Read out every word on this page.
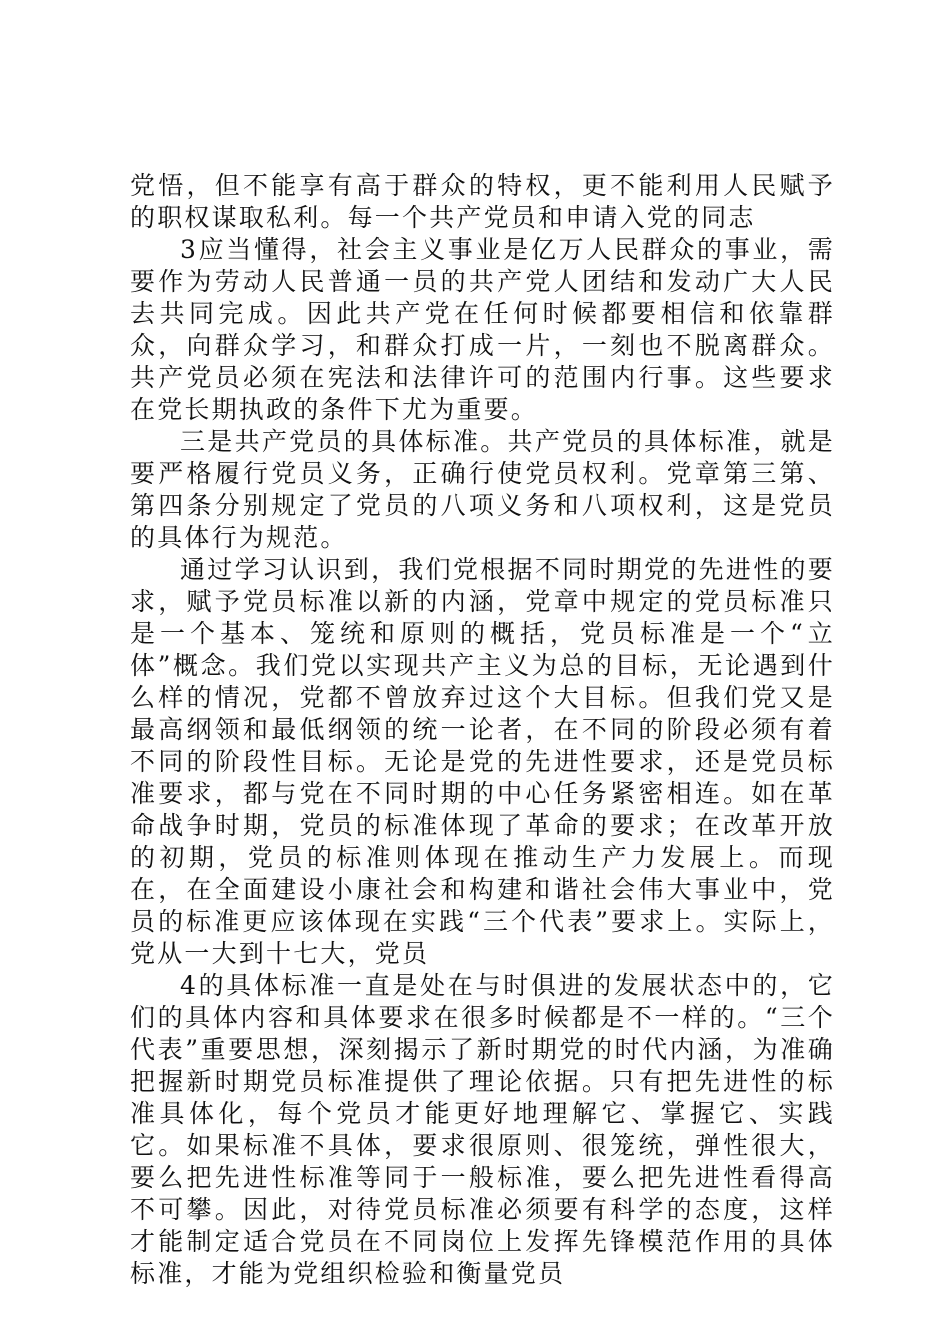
党悟，但不能享有高于群众的特权，更不能利用人民赋予的职权谋取私利。每一个共产党员和申请入党的同志

3应当懂得，社会主义事业是亿万人民群众的事业，需要作为劳动人民普通一员的共产党人团结和发动广大人民去共同完成。因此共产党在任何时候都要相信和依靠群众，向群众学习，和群众打成一片，一刻也不脱离群众。共产党员必须在宪法和法律许可的范围内行事。这些要求在党长期执政的条件下尤为重要。

三是共产党员的具体标准。共产党员的具体标准，就是要严格履行党员义务，正确行使党员权利。党章第三第、第四条分别规定了党员的八项义务和八项权利，这是党员的具体行为规范。

通过学习认识到，我们党根据不同时期党的先进性的要求，赋予党员标准以新的内涵，党章中规定的党员标准只是一个基本、笼统和原则的概括，党员标准是一个“立体”概念。我们党以实现共产主义为总的目标，无论遇到什么样的情况，党都不曾放弃过这个大目标。但我们党又是最高纲领和最低纲领的统一论者，在不同的阶段必须有着不同的阶段性目标。无论是党的先进性要求，还是党员标准要求，都与党在不同时期的中心任务紧密相连。如在革命战争时期，党员的标准体现了革命的要求；在改革开放的初期，党员的标准则体现在推动生产力发展上。而现在，在全面建设小康社会和构建和谐社会伟大事业中，党员的标准更应该体现在实践“三个代表”要求上。实际上，党从一大到十七大，党员

4的具体标准一直是处在与时俱进的发展状态中的，它们的具体内容和具体要求在很多时候都是不一样的。“三个代表”重要思想，深刻揭示了新时期党的时代内涵，为准确把握新时期党员标准提供了理论依据。只有把先进性的标准具体化，每个党员才能更好地理解它、掌握它、实践它。如果标准不具体，要求很原则、很笼统，弹性很大，要么把先进性标准等同于一般标准，要么把先进性看得高不可攀。因此，对待党员标准必须要有科学的态度，这样才能制定适合党员在不同岗位上发挥先锋模范作用的具体标准，才能为党组织检验和衡量党员
